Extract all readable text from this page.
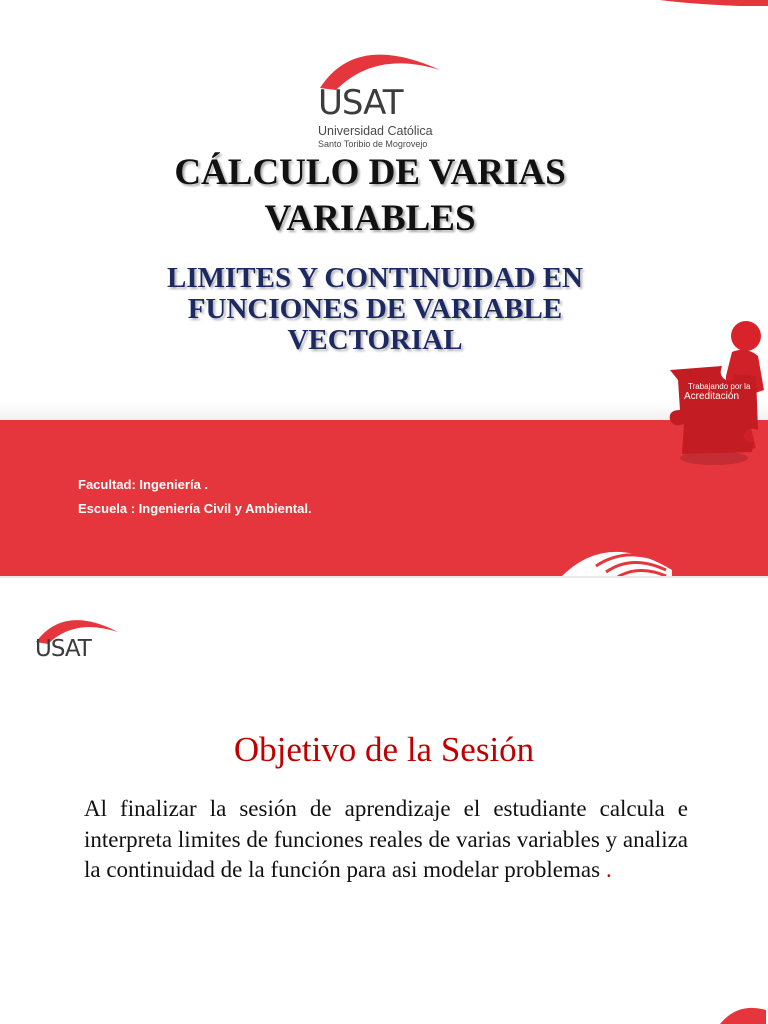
USAT
Universidad Católica
Santo Toribio de Mogrovejo
CÁLCULO DE VARIAS VARIABLES
LIMITES Y CONTINUIDAD EN FUNCIONES DE VARIABLE VECTORIAL
Facultad: Ingeniería .
Escuela : Ingeniería Civil y Ambiental.
Trabajando por la
Acreditación
USAT
Objetivo de la Sesión
Al finalizar la sesión de aprendizaje el estudiante calcula e interpreta limites de funciones reales de varias variables y analiza la continuidad de la función para asi modelar problemas .
